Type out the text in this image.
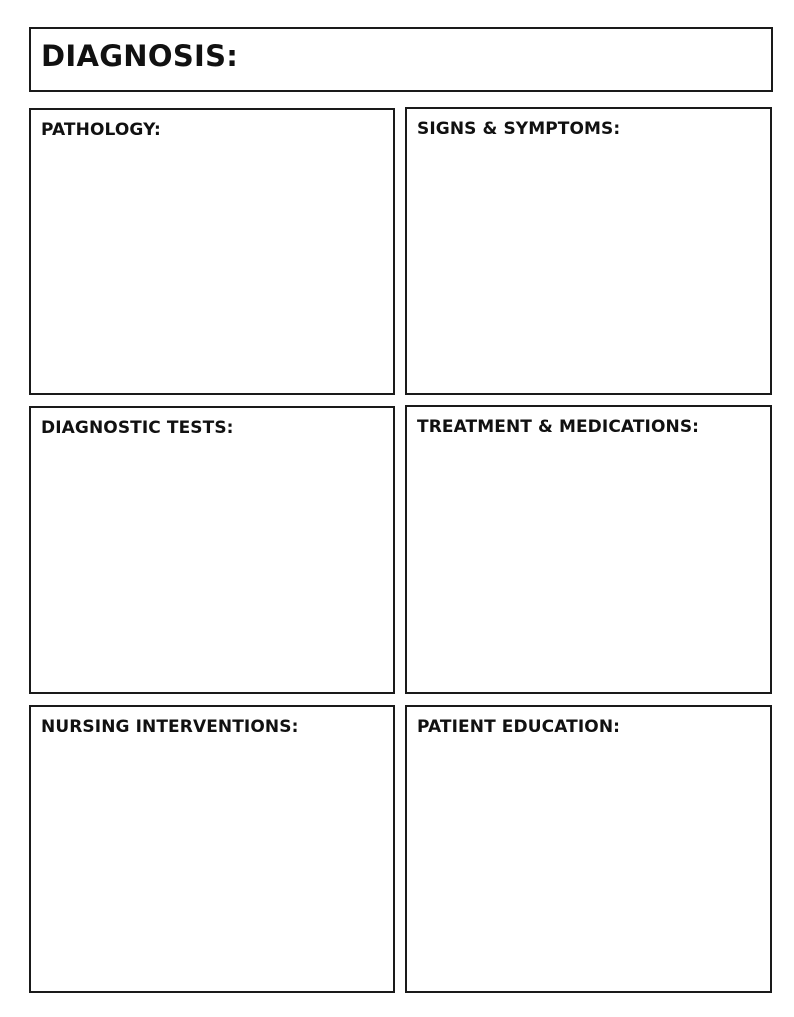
DIAGNOSIS:
PATHOLOGY:	SIGNS & SYMPTOMS:
DIAGNOSTIC TESTS:	TREATMENT & MEDICATIONS:
NURSING INTERVENTIONS:	PATIENT EDUCATION:
